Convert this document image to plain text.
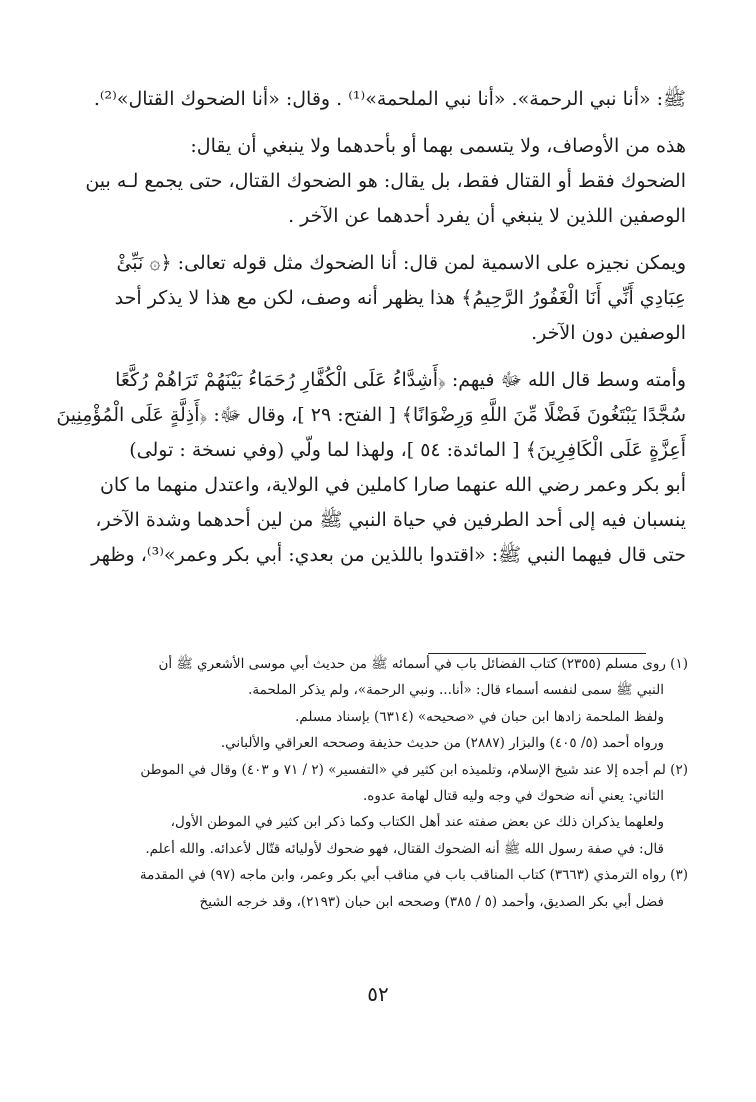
ﷺ: «أنا نبي الرحمة». «أنا نبي الملحمة»⁽¹⁾ . وقال: «أنا الضحوك القتال»⁽²⁾.
هذه من الأوصاف، ولا يتسمى بهما أو بأحدهما ولا ينبغي أن يقال:
الضحوك فقط أو القتال فقط، بل يقال: هو الضحوك القتال، حتى يجمع لـه بين
الوصفين اللذين لا ينبغي أن يفرد أحدهما عن الآخر .
ويمكن نجيزه على الاسمية لمن قال: أنا الضحوك مثل قوله تعالى: ﴿۞ نَبِّئْ
عِبَادِي أَنِّي أَنَا الْغَفُورُ الرَّحِيمُ﴾ هذا يظهر أنه وصف، لكن مع هذا لا يذكر أحد
الوصفين دون الآخر.
وأمته وسط قال الله ﷻ فيهم: ﴿أَشِدَّاءُ عَلَى الْكُفَّارِ رُحَمَاءُ بَيْنَهُمْ تَرَاهُمْ رُكَّعًا
سُجَّدًا يَبْتَغُونَ فَضْلًا مِّنَ اللَّهِ وَرِضْوَانًا﴾ [ الفتح: ٢٩ ]، وقال ﷻ: ﴿أَذِلَّةٍ عَلَى الْمُؤْمِنِينَ
أَعِزَّةٍ عَلَى الْكَافِرِينَ﴾ [ المائدة: ٥٤ ]، ولهذا لما ولّي (وفي نسخة : تولى)
أبو بكر وعمر رضي الله عنهما صارا كاملين في الولاية، واعتدل منهما ما كان
ينسبان فيه إلى أحد الطرفين في حياة النبي ﷺ من لين أحدهما وشدة الآخر،
حتى قال فيهما النبي ﷺ: «اقتدوا باللذين من بعدي: أبي بكر وعمر»⁽³⁾، وظهر
(١) روى مسلم (٢٣٥٥) كتاب الفضائل باب في أسمائه ﷺ من حديث أبي موسى الأشعري ﷺ أن
النبي ﷺ سمى لنفسه أسماء قال: «أنا... ونبي الرحمة»، ولم يذكر الملحمة.
ولفظ الملحمة زادها ابن حبان في «صحيحه» (٦٣١٤) بإسناد مسلم.
ورواه أحمد (٥/ ٤٠٥) والبزار (٢٨٨٧) من حديث حذيفة وصححه العراقي والألباني.
(٢) لم أجده إلا عند شيخ الإسلام، وتلميذه ابن كثير في «التفسير» (٢ / ٧١ و ٤٠٣) وقال في الموطن
الثاني: يعني أنه ضحوك في وجه وليه قتال لهامة عدوه.
ولعلهما يذكران ذلك عن بعض صفته عند أهل الكتاب وكما ذكر ابن كثير في الموطن الأول،
قال: في صفة رسول الله ﷺ أنه الضحوك القتال، فهو ضحوك لأوليائه قتّال لأعدائه. والله أعلم.
(٣) رواه الترمذي (٣٦٦٣) كتاب المناقب باب في مناقب أبي بكر وعمر، وابن ماجه (٩٧) في المقدمة
فضل أبي بكر الصديق، وأحمد (٥ / ٣٨٥) وصححه ابن حبان (٢١٩٣)، وقد خرجه الشيخ
٥٢
